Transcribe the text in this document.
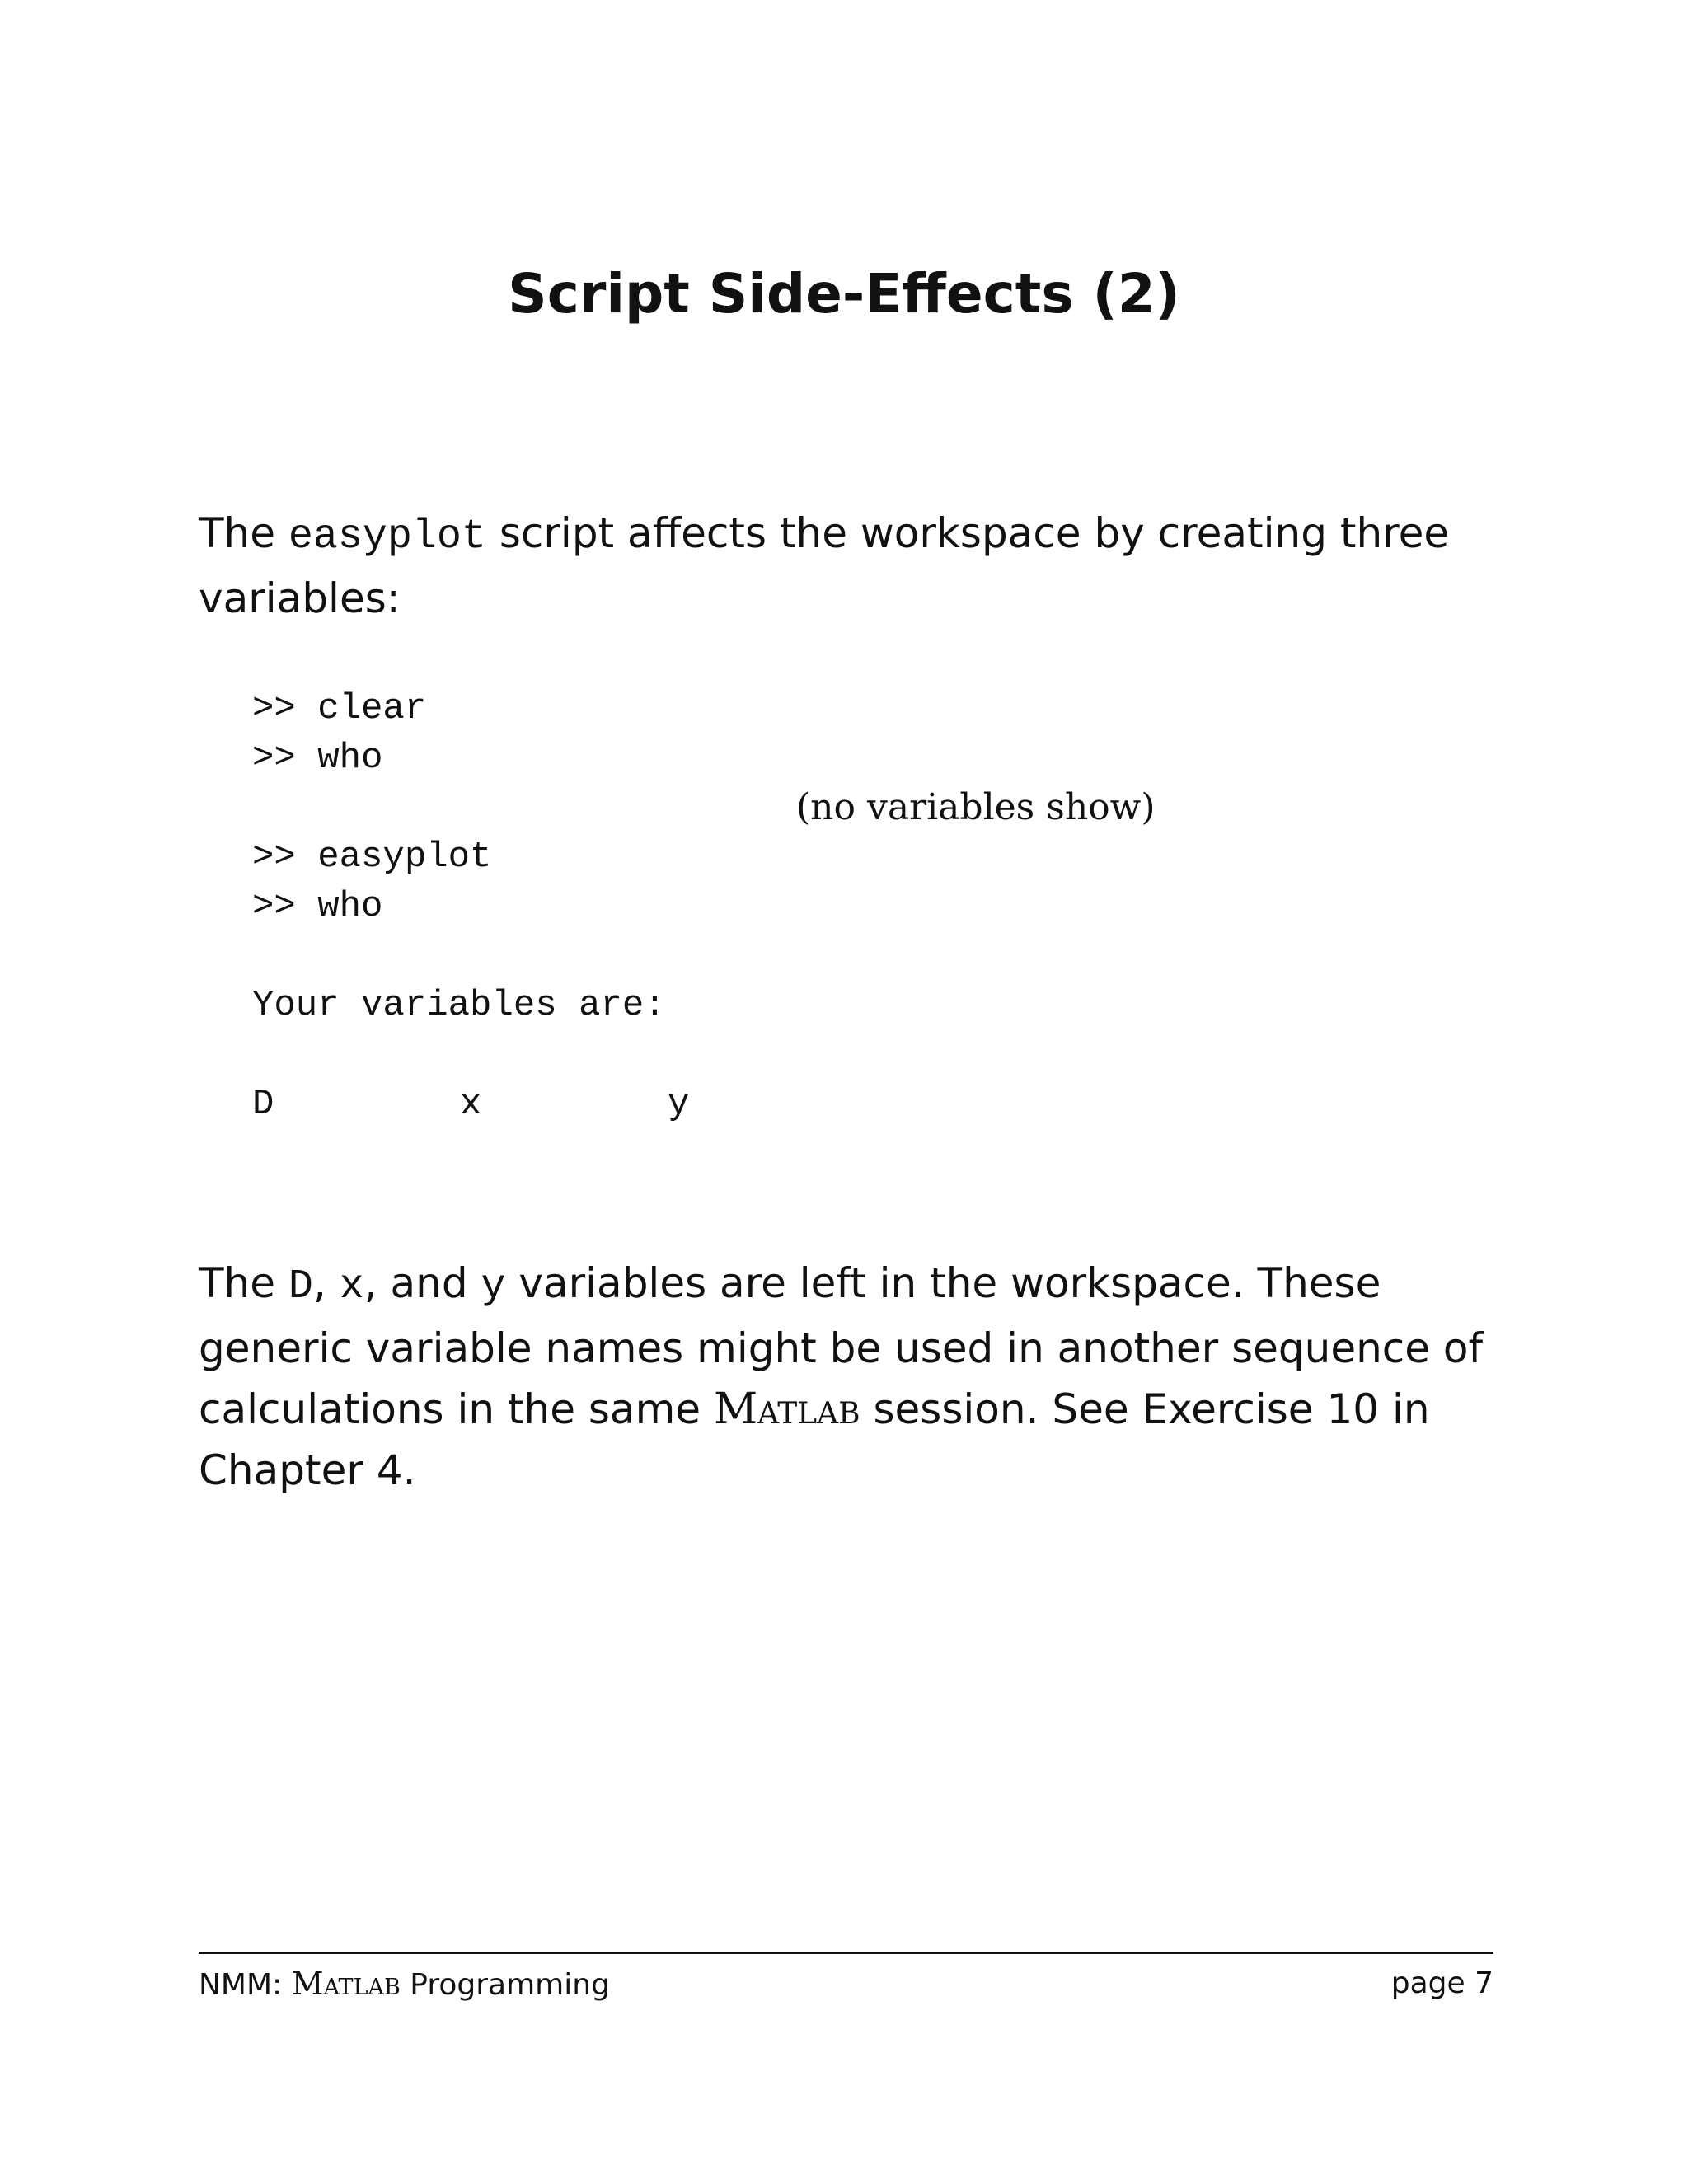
Script Side-Effects (2)

The easyplot script affects the workspace by creating three variables:

>> clear
>> who
(no variables show)
>> easyplot
>> who
Your variables are:
D	x	y

The D, x, and y variables are left in the workspace. These generic variable names might be used in another sequence of calculations in the same Matlab session. See Exercise 10 in Chapter 4.

NMM: Matlab Programming	page 7
